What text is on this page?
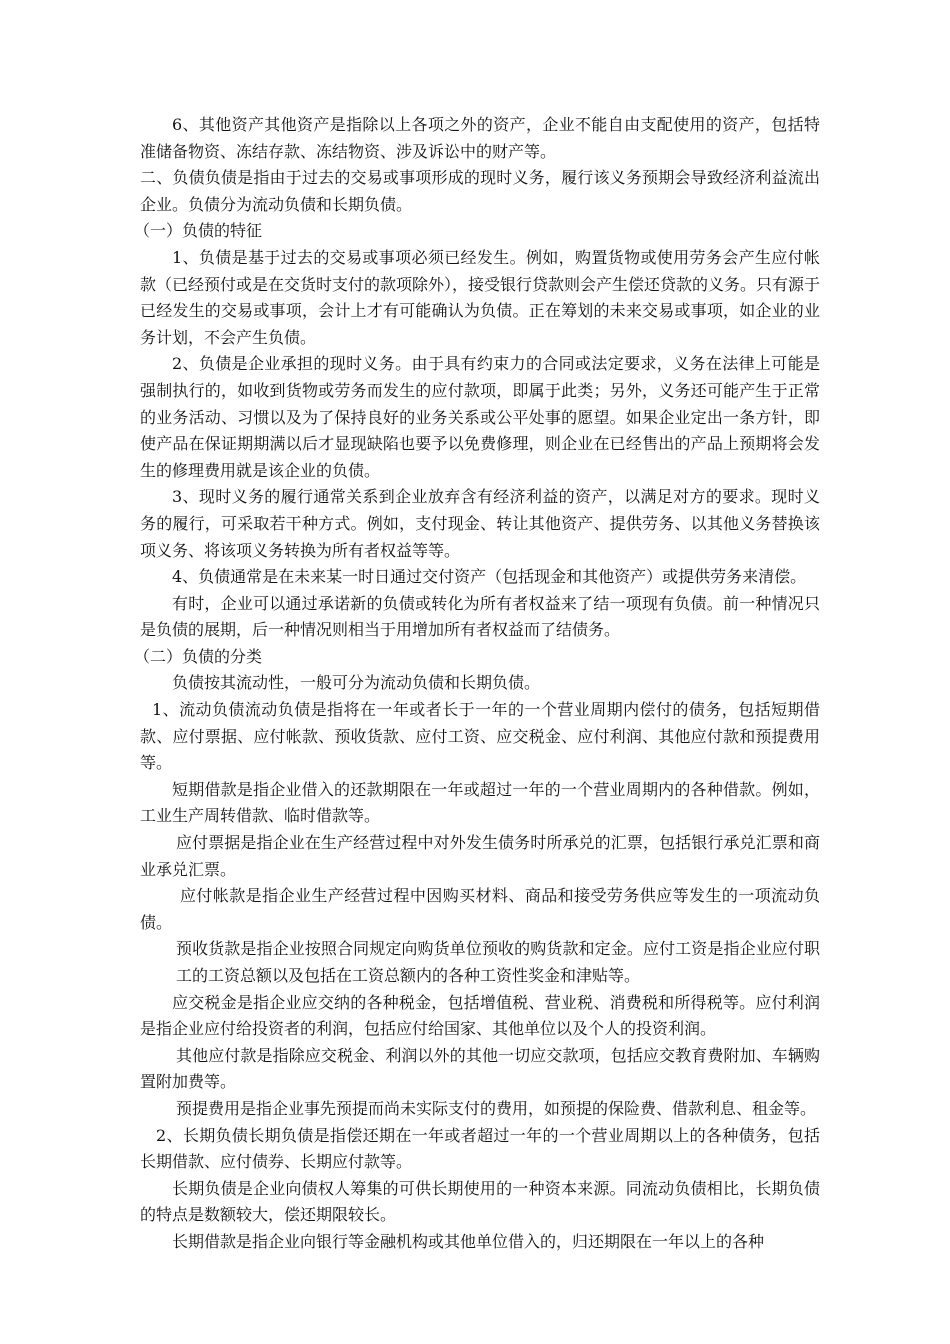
6、其他资产其他资产是指除以上各项之外的资产，企业不能自由支配使用的资产，包括特准储备物资、冻结存款、冻结物资、涉及诉讼中的财产等。

二、负债负债是指由于过去的交易或事项形成的现时义务，履行该义务预期会导致经济利益流出企业。负债分为流动负债和长期负债。

（一）负债的特征

1、负债是基于过去的交易或事项必须已经发生。例如，购置货物或使用劳务会产生应付帐款（已经预付或是在交货时支付的款项除外），接受银行贷款则会产生偿还贷款的义务。只有源于已经发生的交易或事项，会计上才有可能确认为负债。正在筹划的未来交易或事项，如企业的业务计划，不会产生负债。

2、负债是企业承担的现时义务。由于具有约束力的合同或法定要求，义务在法律上可能是强制执行的，如收到货物或劳务而发生的应付款项，即属于此类；另外，义务还可能产生于正常的业务活动、习惯以及为了保持良好的业务关系或公平处事的愿望。如果企业定出一条方针，即使产品在保证期期满以后才显现缺陷也要予以免费修理，则企业在已经售出的产品上预期将会发生的修理费用就是该企业的负债。

3、现时义务的履行通常关系到企业放弃含有经济利益的资产，以满足对方的要求。现时义务的履行，可采取若干种方式。例如，支付现金、转让其他资产、提供劳务、以其他义务替换该项义务、将该项义务转换为所有者权益等等。

4、负债通常是在未来某一时日通过交付资产（包括现金和其他资产）或提供劳务来清偿。

有时，企业可以通过承诺新的负债或转化为所有者权益来了结一项现有负债。前一种情况只是负债的展期，后一种情况则相当于用增加所有者权益而了结债务。

（二）负债的分类

负债按其流动性，一般可分为流动负债和长期负债。

1、流动负债流动负债是指将在一年或者长于一年的一个营业周期内偿付的债务，包括短期借款、应付票据、应付帐款、预收货款、应付工资、应交税金、应付利润、其他应付款和预提费用等。

短期借款是指企业借入的还款期限在一年或超过一年的一个营业周期内的各种借款。例如，工业生产周转借款、临时借款等。

应付票据是指企业在生产经营过程中对外发生债务时所承兑的汇票，包括银行承兑汇票和商业承兑汇票。

应付帐款是指企业生产经营过程中因购买材料、商品和接受劳务供应等发生的一项流动负债。

预收货款是指企业按照合同规定向购货单位预收的购货款和定金。应付工资是指企业应付职工的工资总额以及包括在工资总额内的各种工资性奖金和津贴等。

应交税金是指企业应交纳的各种税金，包括增值税、营业税、消费税和所得税等。应付利润是指企业应付给投资者的利润，包括应付给国家、其他单位以及个人的投资利润。

其他应付款是指除应交税金、利润以外的其他一切应交款项，包括应交教育费附加、车辆购置附加费等。

预提费用是指企业事先预提而尚未实际支付的费用，如预提的保险费、借款利息、租金等。

2、长期负债长期负债是指偿还期在一年或者超过一年的一个营业周期以上的各种债务，包括长期借款、应付债券、长期应付款等。

长期负债是企业向债权人筹集的可供长期使用的一种资本来源。同流动负债相比，长期负债的特点是数额较大，偿还期限较长。

长期借款是指企业向银行等金融机构或其他单位借入的，归还期限在一年以上的各种
